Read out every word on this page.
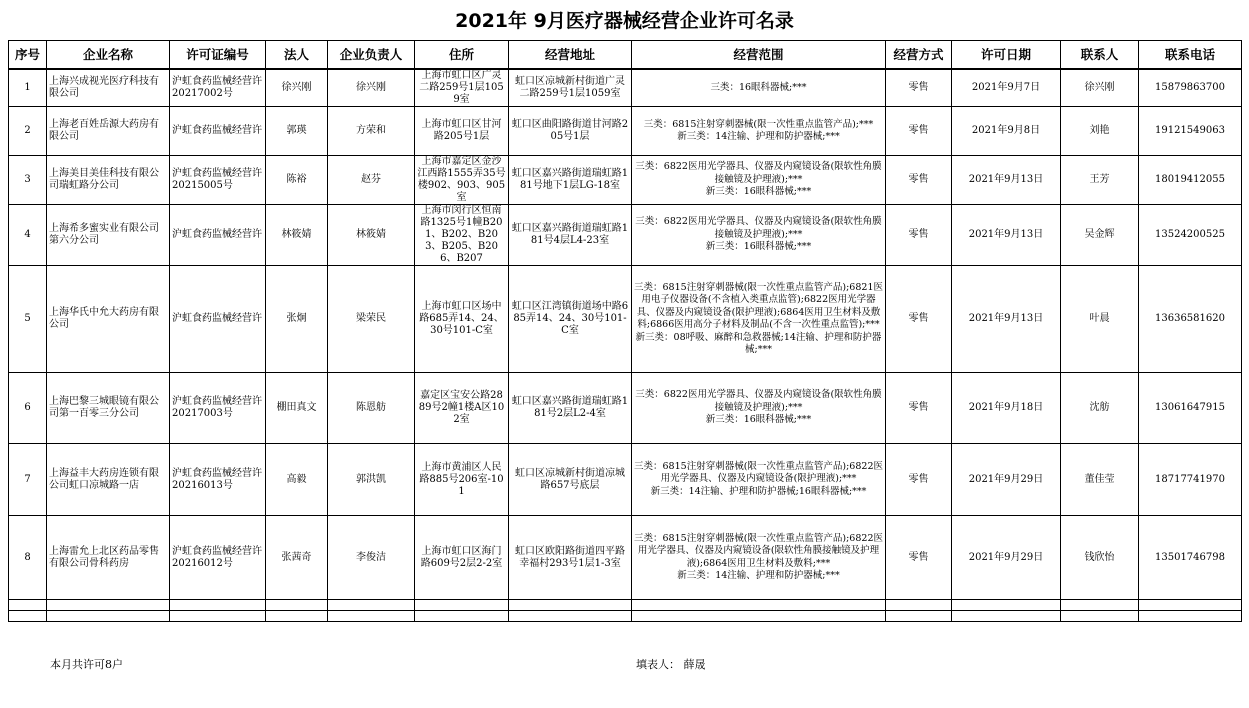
2021年 9月医疗器械经营企业许可名录
序号	企业名称	许可证编号	法人	企业负责人	住所	经营地址	经营范围	经营方式	许可日期	联系人	联系电话
1	上海兴成视光医疗科技有限公司	沪虹食药监械经营许20217002号	徐兴刚	徐兴刚	上海市虹口区广灵二路259号1层1059室	虹口区凉城新村街道广灵二路259号1层1059室	三类：16眼科器械;***	零售	2021年9月7日	徐兴刚	15879863700
2	上海老百姓岳源大药房有限公司	沪虹食药监械经营许	郭瑛	方荣和	上海市虹口区甘河路205号1层	虹口区曲阳路街道甘河路205号1层	三类：6815注射穿刺器械(限一次性重点监管产品);***
新三类：14注输、护理和防护器械;***	零售	2021年9月8日	刘艳	19121549063
3	上海美目美佳科技有限公司瑞虹路分公司	沪虹食药监械经营许20215005号	陈裕	赵芬	上海市嘉定区金沙江西路1555弄35号楼902、903、905室	虹口区嘉兴路街道瑞虹路181号地下1层LG-18室	三类：6822医用光学器具、仪器及内窥镜设备(限软性角膜接触镜及护理液);***
新三类：16眼科器械;***	零售	2021年9月13日	王芳	18019412055
4	上海希多蜜实业有限公司第六分公司	沪虹食药监械经营许	林筱婧	林筱婧	上海市闵行区恒南路1325号1幢B201、B202、B203、B205、B206、B207	虹口区嘉兴路街道瑞虹路181号4层L4-23室	三类：6822医用光学器具、仪器及内窥镜设备(限软性角膜接触镜及护理液);***
新三类：16眼科器械;***	零售	2021年9月13日	吴金辉	13524200525
5	上海华氏中允大药房有限公司	沪虹食药监械经营许	张炯	梁荣民	上海市虹口区场中路685弄14、24、30号101-C室	虹口区江湾镇街道场中路685弄14、24、30号101-C室	三类：6815注射穿刺器械(限一次性重点监管产品);6821医用电子仪器设备(不含植入类重点监管);6822医用光学器具、仪器及内窥镜设备(限护理液);6864医用卫生材料及敷料;6866医用高分子材料及制品(不含一次性重点监管);***
新三类：08呼吸、麻醉和急救器械;14注输、护理和防护器械;***	零售	2021年9月13日	叶晨	13636581620
6	上海巴黎三城眼镜有限公司第一百零三分公司	沪虹食药监械经营许20217003号	棚田真文	陈恩舫	嘉定区宝安公路2889号2幢1楼A区102室	虹口区嘉兴路街道瑞虹路181号2层L2-4室	三类：6822医用光学器具、仪器及内窥镜设备(限软性角膜接触镜及护理液);***
新三类：16眼科器械;***	零售	2021年9月18日	沈舫	13061647915
7	上海益丰大药房连锁有限公司虹口凉城路一店	沪虹食药监械经营许20216013号	高毅	郭洪凯	上海市黄浦区人民路885号206室-101	虹口区凉城新村街道凉城路657号底层	三类：6815注射穿刺器械(限一次性重点监管产品);6822医用光学器具、仪器及内窥镜设备(限护理液);***
新三类：14注输、护理和防护器械;16眼科器械;***	零售	2021年9月29日	董佳莹	18717741970
8	上海雷允上北区药品零售有限公司骨科药房	沪虹食药监械经营许20216012号	张茜奇	李俊洁	上海市虹口区海门路609号2层2-2室	虹口区欧阳路街道四平路幸福村293号1层1-3室	三类：6815注射穿刺器械(限一次性重点监管产品);6822医用光学器具、仪器及内窥镜设备(限软性角膜接触镜及护理液);6864医用卫生材料及敷料;***
新三类：14注输、护理和防护器械;***	零售	2021年9月29日	钱欣怡	13501746798

本月共许可8户	填表人： 薛晟
